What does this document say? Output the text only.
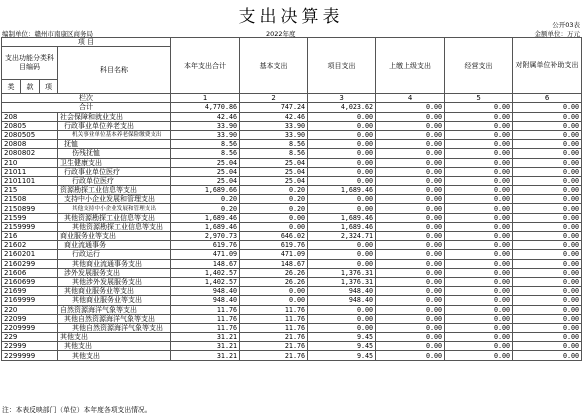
支出决算表	公开03表
编制单位：赣州市南康区商务局	2022年度	金额单位：万元
项 目				本年支出合计	基本支出	项目支出	上缴上级支出	经营支出	对附属单位补助支出
支出功能分类科目编码			科目名称						
类	款	项							
栏次				1	2	3	4	5	6
合计				4,770.86	747.24	4,023.62	0.00	0.00	0.00
208			社会保障和就业支出	42.46	42.46	0.00	0.00	0.00	0.00
20805			行政事业单位养老支出	33.90	33.90	0.00	0.00	0.00	0.00
2080505			机关事业单位基本养老保险缴费支出	33.90	33.90	0.00	0.00	0.00	0.00
20808			抚恤	8.56	8.56	0.00	0.00	0.00	0.00
2080802			伤残抚恤	8.56	8.56	0.00	0.00	0.00	0.00
210			卫生健康支出	25.04	25.04	0.00	0.00	0.00	0.00
21011			行政事业单位医疗	25.04	25.04	0.00	0.00	0.00	0.00
2101101			行政单位医疗	25.04	25.04	0.00	0.00	0.00	0.00
215			资源勘探工业信息等支出	1,689.66	0.20	1,689.46	0.00	0.00	0.00
21508			支持中小企业发展和管理支出	0.20	0.20	0.00	0.00	0.00	0.00
2150899			其他支持中小企业发展和管理支出	0.20	0.20	0.00	0.00	0.00	0.00
21599			其他资源勘探工业信息等支出	1,689.46	0.00	1,689.46	0.00	0.00	0.00
2159999			其他资源勘探工业信息等支出	1,689.46	0.00	1,689.46	0.00	0.00	0.00
216			商业服务业等支出	2,970.73	646.02	2,324.71	0.00	0.00	0.00
21602			商业流通事务	619.76	619.76	0.00	0.00	0.00	0.00
2160201			行政运行	471.09	471.09	0.00	0.00	0.00	0.00
2160299			其他商业流通事务支出	148.67	148.67	0.00	0.00	0.00	0.00
21606			涉外发展服务支出	1,402.57	26.26	1,376.31	0.00	0.00	0.00
2160699			其他涉外发展服务支出	1,402.57	26.26	1,376.31	0.00	0.00	0.00
21699			其他商业服务业等支出	948.40	0.00	948.40	0.00	0.00	0.00
2169999			其他商业服务业等支出	948.40	0.00	948.40	0.00	0.00	0.00
220			自然资源海洋气象等支出	11.76	11.76	0.00	0.00	0.00	0.00
22099			其他自然资源海洋气象等支出	11.76	11.76	0.00	0.00	0.00	0.00
2209999			其他自然资源海洋气象等支出	11.76	11.76	0.00	0.00	0.00	0.00
229			其他支出	31.21	21.76	9.45	0.00	0.00	0.00
22999			其他支出	31.21	21.76	9.45	0.00	0.00	0.00
2299999			其他支出	31.21	21.76	9.45	0.00	0.00	0.00
注：本表反映部门（单位）本年度各项支出情况。
